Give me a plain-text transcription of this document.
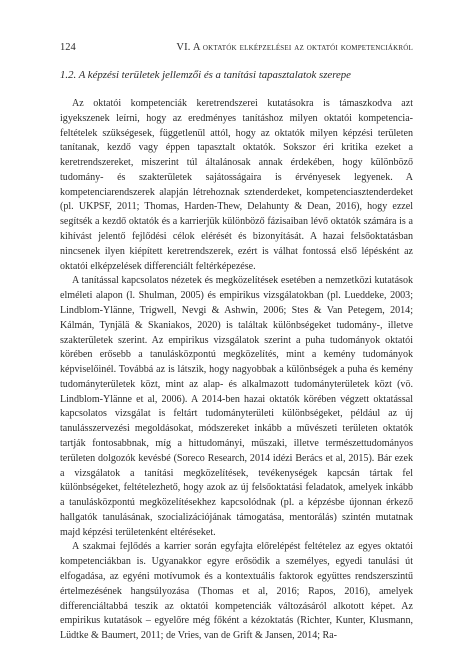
124	VI. A oktatók elképzelései az oktatói kompetenciákról
1.2. A képzési területek jellemzői és a tanítási tapasztalatok szerepe

Az oktatói kompetenciák keretrendszerei kutatásokra is támaszkodva azt igyekszenek leírni, hogy az eredményes tanításhoz milyen oktatói kompetencia-feltételek szükségesek, függetlenül attól, hogy az oktatók milyen képzési területen tanítanak, kezdő vagy éppen tapasztalt oktatók. Sokszor éri kritika ezeket a keretrendszereket, miszerint túl általánosak annak érdekében, hogy különböző tudomány- és szakterületek sajátosságaira is érvényesek legyenek. A kompetenciarendszerek alapján létrehoznak sztenderdeket, kompetenciasztenderdeket (pl. UKPSF, 2011; Thomas, Harden-Thew, Delahunty & Dean, 2016), hogy ezzel segítsék a kezdő oktatók és a karrierjük különböző fázisaiban lévő oktatók számára is a kihívást jelentő fejlődési célok elérését és bizonyítását. A hazai felsőoktatásban nincsenek ilyen kiépített keretrendszerek, ezért is válhat fontossá első lépésként az oktatói elképzelések differenciált feltérképezése.

A tanítással kapcsolatos nézetek és megközelítések esetében a nemzetközi kutatások elméleti alapon (l. Shulman, 2005) és empirikus vizsgálatokban (pl. Lueddeke, 2003; Lindblom-Ylänne, Trigwell, Nevgi & Ashwin, 2006; Stes & Van Petegem, 2014; Kálmán, Tynjälä & Skaniakos, 2020) is találtak különbségeket tudomány-, illetve szakterületek szerint. Az empirikus vizsgálatok szerint a puha tudományok oktatói körében erősebb a tanulásközpontú megközelítés, mint a kemény tudományok képviselőinél. Továbbá az is látszik, hogy nagyobbak a különbségek a puha és kemény tudományterületek közt, mint az alap- és alkalmazott tudományterületek közt (vö. Lindblom-Ylänne et al, 2006). A 2014-ben hazai oktatók körében végzett oktatással kapcsolatos vizsgálat is feltárt tudományterületi különbségeket, például az új tanulásszervezési megoldásokat, módszereket inkább a művészeti területen oktatók tartják fontosabbnak, míg a hittudományi, műszaki, illetve természettudományos területen dolgozók kevésbé (Soreco Research, 2014 idézi Berács et al, 2015). Bár ezek a vizsgálatok a tanítási megközelítések, tevékenységek kapcsán tártak fel különbségeket, feltételezhető, hogy azok az új felsőoktatási feladatok, amelyek inkább a tanulásközpontú megközelítésekhez kapcsolódnak (pl. a képzésbe újonnan érkező hallgatók tanulásának, szocializációjának támogatása, mentorálás) szintén mutatnak majd képzési területenként eltéréseket.

A szakmai fejlődés a karrier során egyfajta előrelépést feltételez az egyes oktatói kompetenciákban is. Ugyanakkor egyre erősödik a személyes, egyedi tanulási út elfogadása, az egyéni motívumok és a kontextuális faktorok együttes rendszerszintű értelmezésének hangsúlyozása (Thomas et al, 2016; Rapos, 2016), amelyek differenciáltabbá teszik az oktatói kompetenciák változásáról alkotott képet. Az empirikus kutatások – egyelőre még főként a kézoktatás (Richter, Kunter, Klusmann, Lüdtke & Baumert, 2011; de Vries, van de Grift & Jansen, 2014; Ra-
